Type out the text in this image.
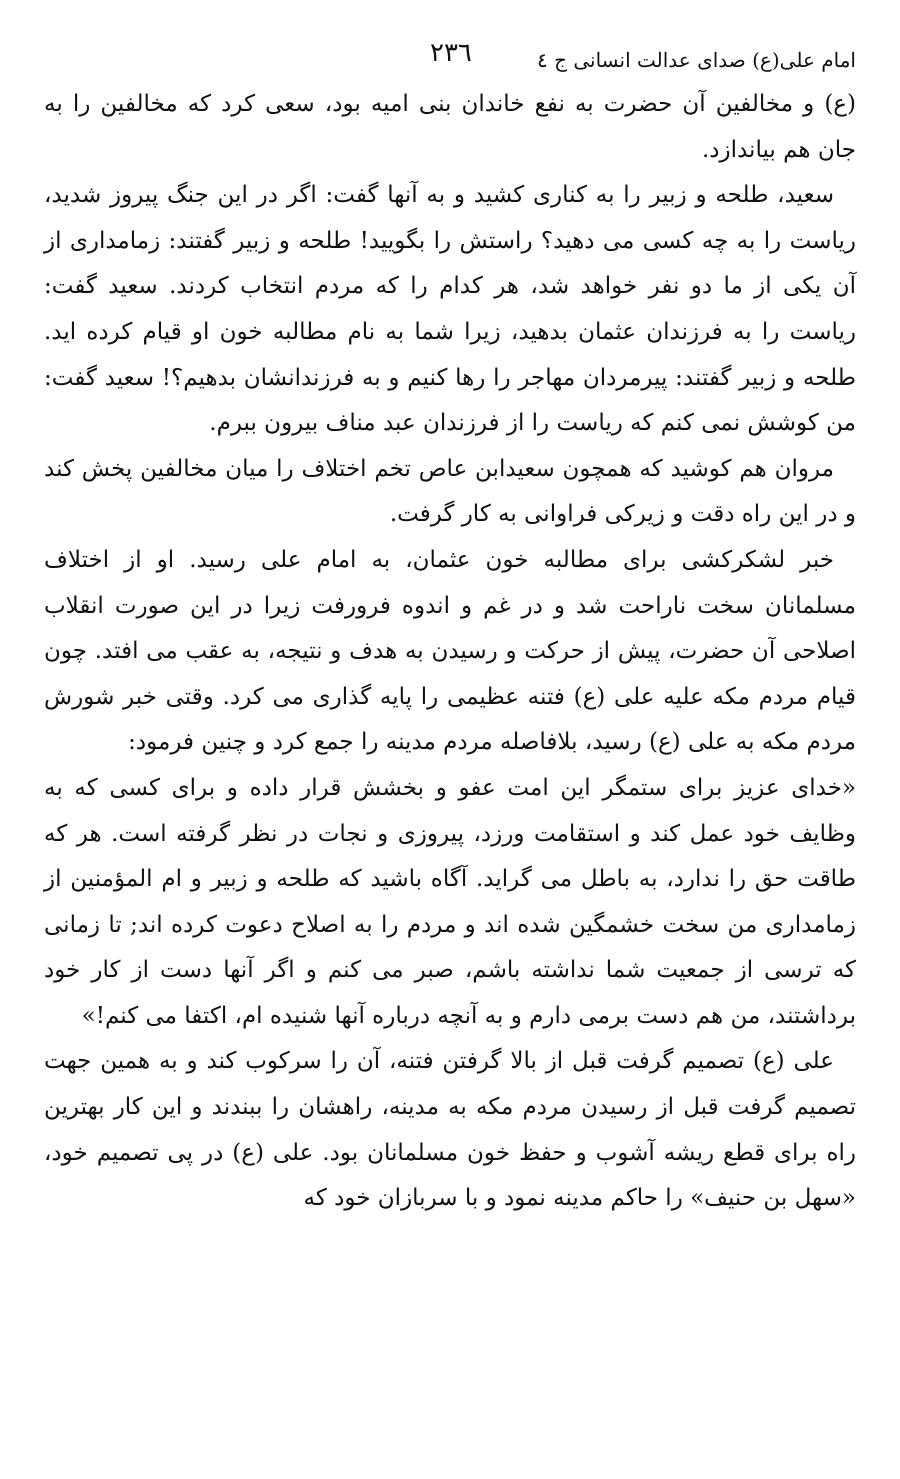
امام علی(ع) صدای عدالت انسانی ج ٤
٢٣٦

(ع) و مخالفین آن حضرت به نفع خاندان بنی امیه بود، سعی کرد که مخالفین را به جان هم بیاندازد.

سعید، طلحه و زبیر را به کناری کشید و به آنها گفت: اگر در این جنگ پیروز شدید، ریاست را به چه کسی می دهید؟ راستش را بگویید! طلحه و زبیر گفتند: زمامداری از آن یکی از ما دو نفر خواهد شد، هر کدام را که مردم انتخاب کردند. سعید گفت: ریاست را به فرزندان عثمان بدهید، زیرا شما به نام مطالبه خون او قیام کرده اید. طلحه و زبیر گفتند: پیرمردان مهاجر را رها کنیم و به فرزندانشان بدهیم؟! سعید گفت: من کوشش نمی کنم که ریاست را از فرزندان عبد مناف بیرون ببرم.

مروان هم کوشید که همچون سعیدابن عاص تخم اختلاف را میان مخالفین پخش کند و در این راه دقت و زیرکی فراوانی به کار گرفت.

خبر لشکرکشی برای مطالبه خون عثمان، به امام علی رسید. او از اختلاف مسلمانان سخت ناراحت شد و در غم و اندوه فرورفت زیرا در این صورت انقلاب اصلاحی آن حضرت، پیش از حرکت و رسیدن به هدف و نتیجه، به عقب می افتد. چون قیام مردم مکه علیه علی (ع) فتنه عظیمی را پایه گذاری می کرد. وقتی خبر شورش مردم مکه به علی (ع) رسید، بلافاصله مردم مدینه را جمع کرد و چنین فرمود:

«خدای عزیز برای ستمگر این امت عفو و بخشش قرار داده و برای کسی که به وظایف خود عمل کند و استقامت ورزد، پیروزی و نجات در نظر گرفته است. هر که طاقت حق را ندارد، به باطل می گراید. آگاه باشید که طلحه و زبیر و ام المؤمنین از زمامداری من سخت خشمگین شده اند و مردم را به اصلاح دعوت کرده اند; تا زمانی که ترسی از جمعیت شما نداشته باشم، صبر می کنم و اگر آنها دست از کار خود برداشتند، من هم دست برمی دارم و به آنچه درباره آنها شنیده ام، اکتفا می کنم!»

علی (ع) تصمیم گرفت قبل از بالا گرفتن فتنه، آن را سرکوب کند و به همین جهت تصمیم گرفت قبل از رسیدن مردم مکه به مدینه، راهشان را ببندند و این کار بهترین راه برای قطع ریشه آشوب و حفظ خون مسلمانان بود. علی (ع) در پی تصمیم خود، «سهل بن حنیف» را حاکم مدینه نمود و با سربازان خود که
